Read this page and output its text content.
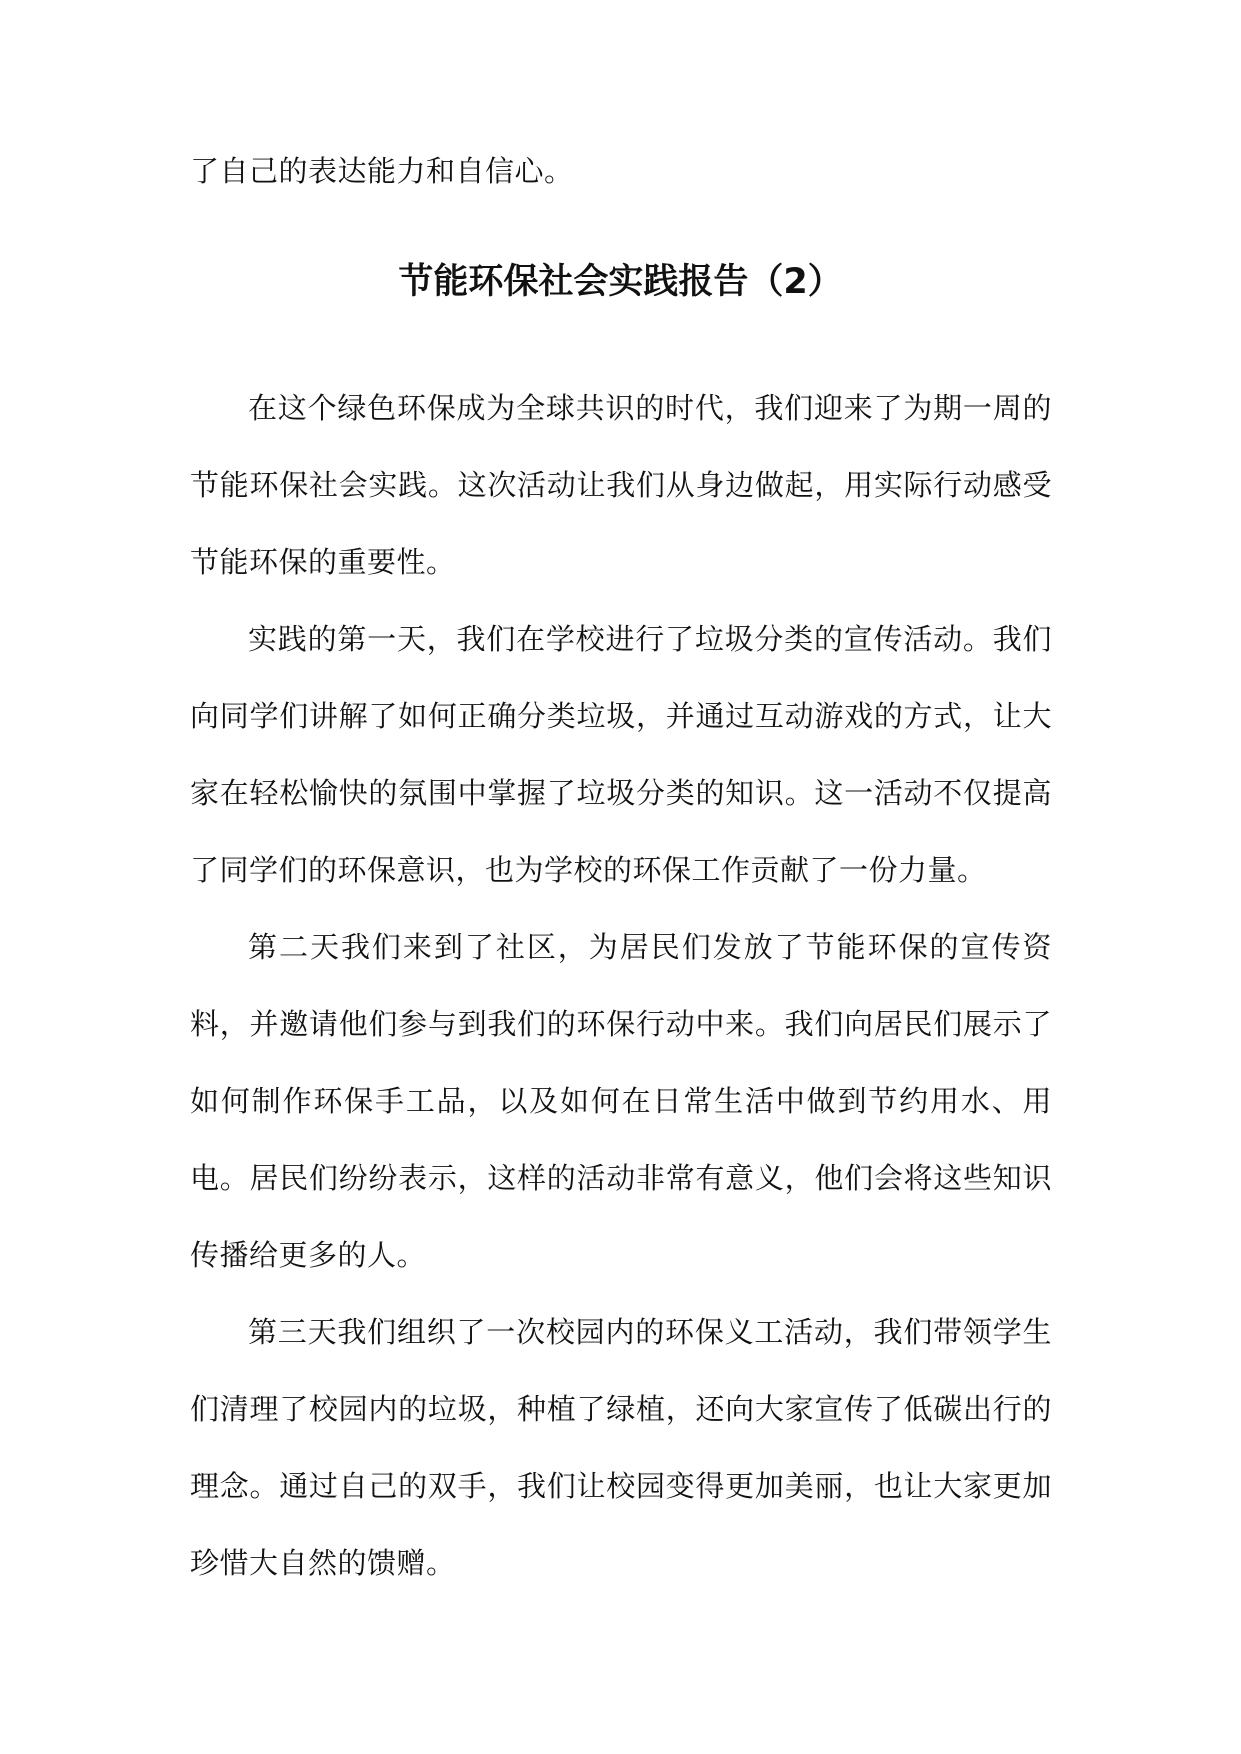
了自己的表达能力和自信心。
节能环保社会实践报告（2）

在这个绿色环保成为全球共识的时代，我们迎来了为期一周的节能环保社会实践。这次活动让我们从身边做起，用实际行动感受节能环保的重要性。

实践的第一天，我们在学校进行了垃圾分类的宣传活动。我们向同学们讲解了如何正确分类垃圾，并通过互动游戏的方式，让大家在轻松愉快的氛围中掌握了垃圾分类的知识。这一活动不仅提高了同学们的环保意识，也为学校的环保工作贡献了一份力量。

第二天我们来到了社区，为居民们发放了节能环保的宣传资料，并邀请他们参与到我们的环保行动中来。我们向居民们展示了如何制作环保手工品，以及如何在日常生活中做到节约用水、用电。居民们纷纷表示，这样的活动非常有意义，他们会将这些知识传播给更多的人。

第三天我们组织了一次校园内的环保义工活动，我们带领学生们清理了校园内的垃圾，种植了绿植，还向大家宣传了低碳出行的理念。通过自己的双手，我们让校园变得更加美丽，也让大家更加珍惜大自然的馈赠。
